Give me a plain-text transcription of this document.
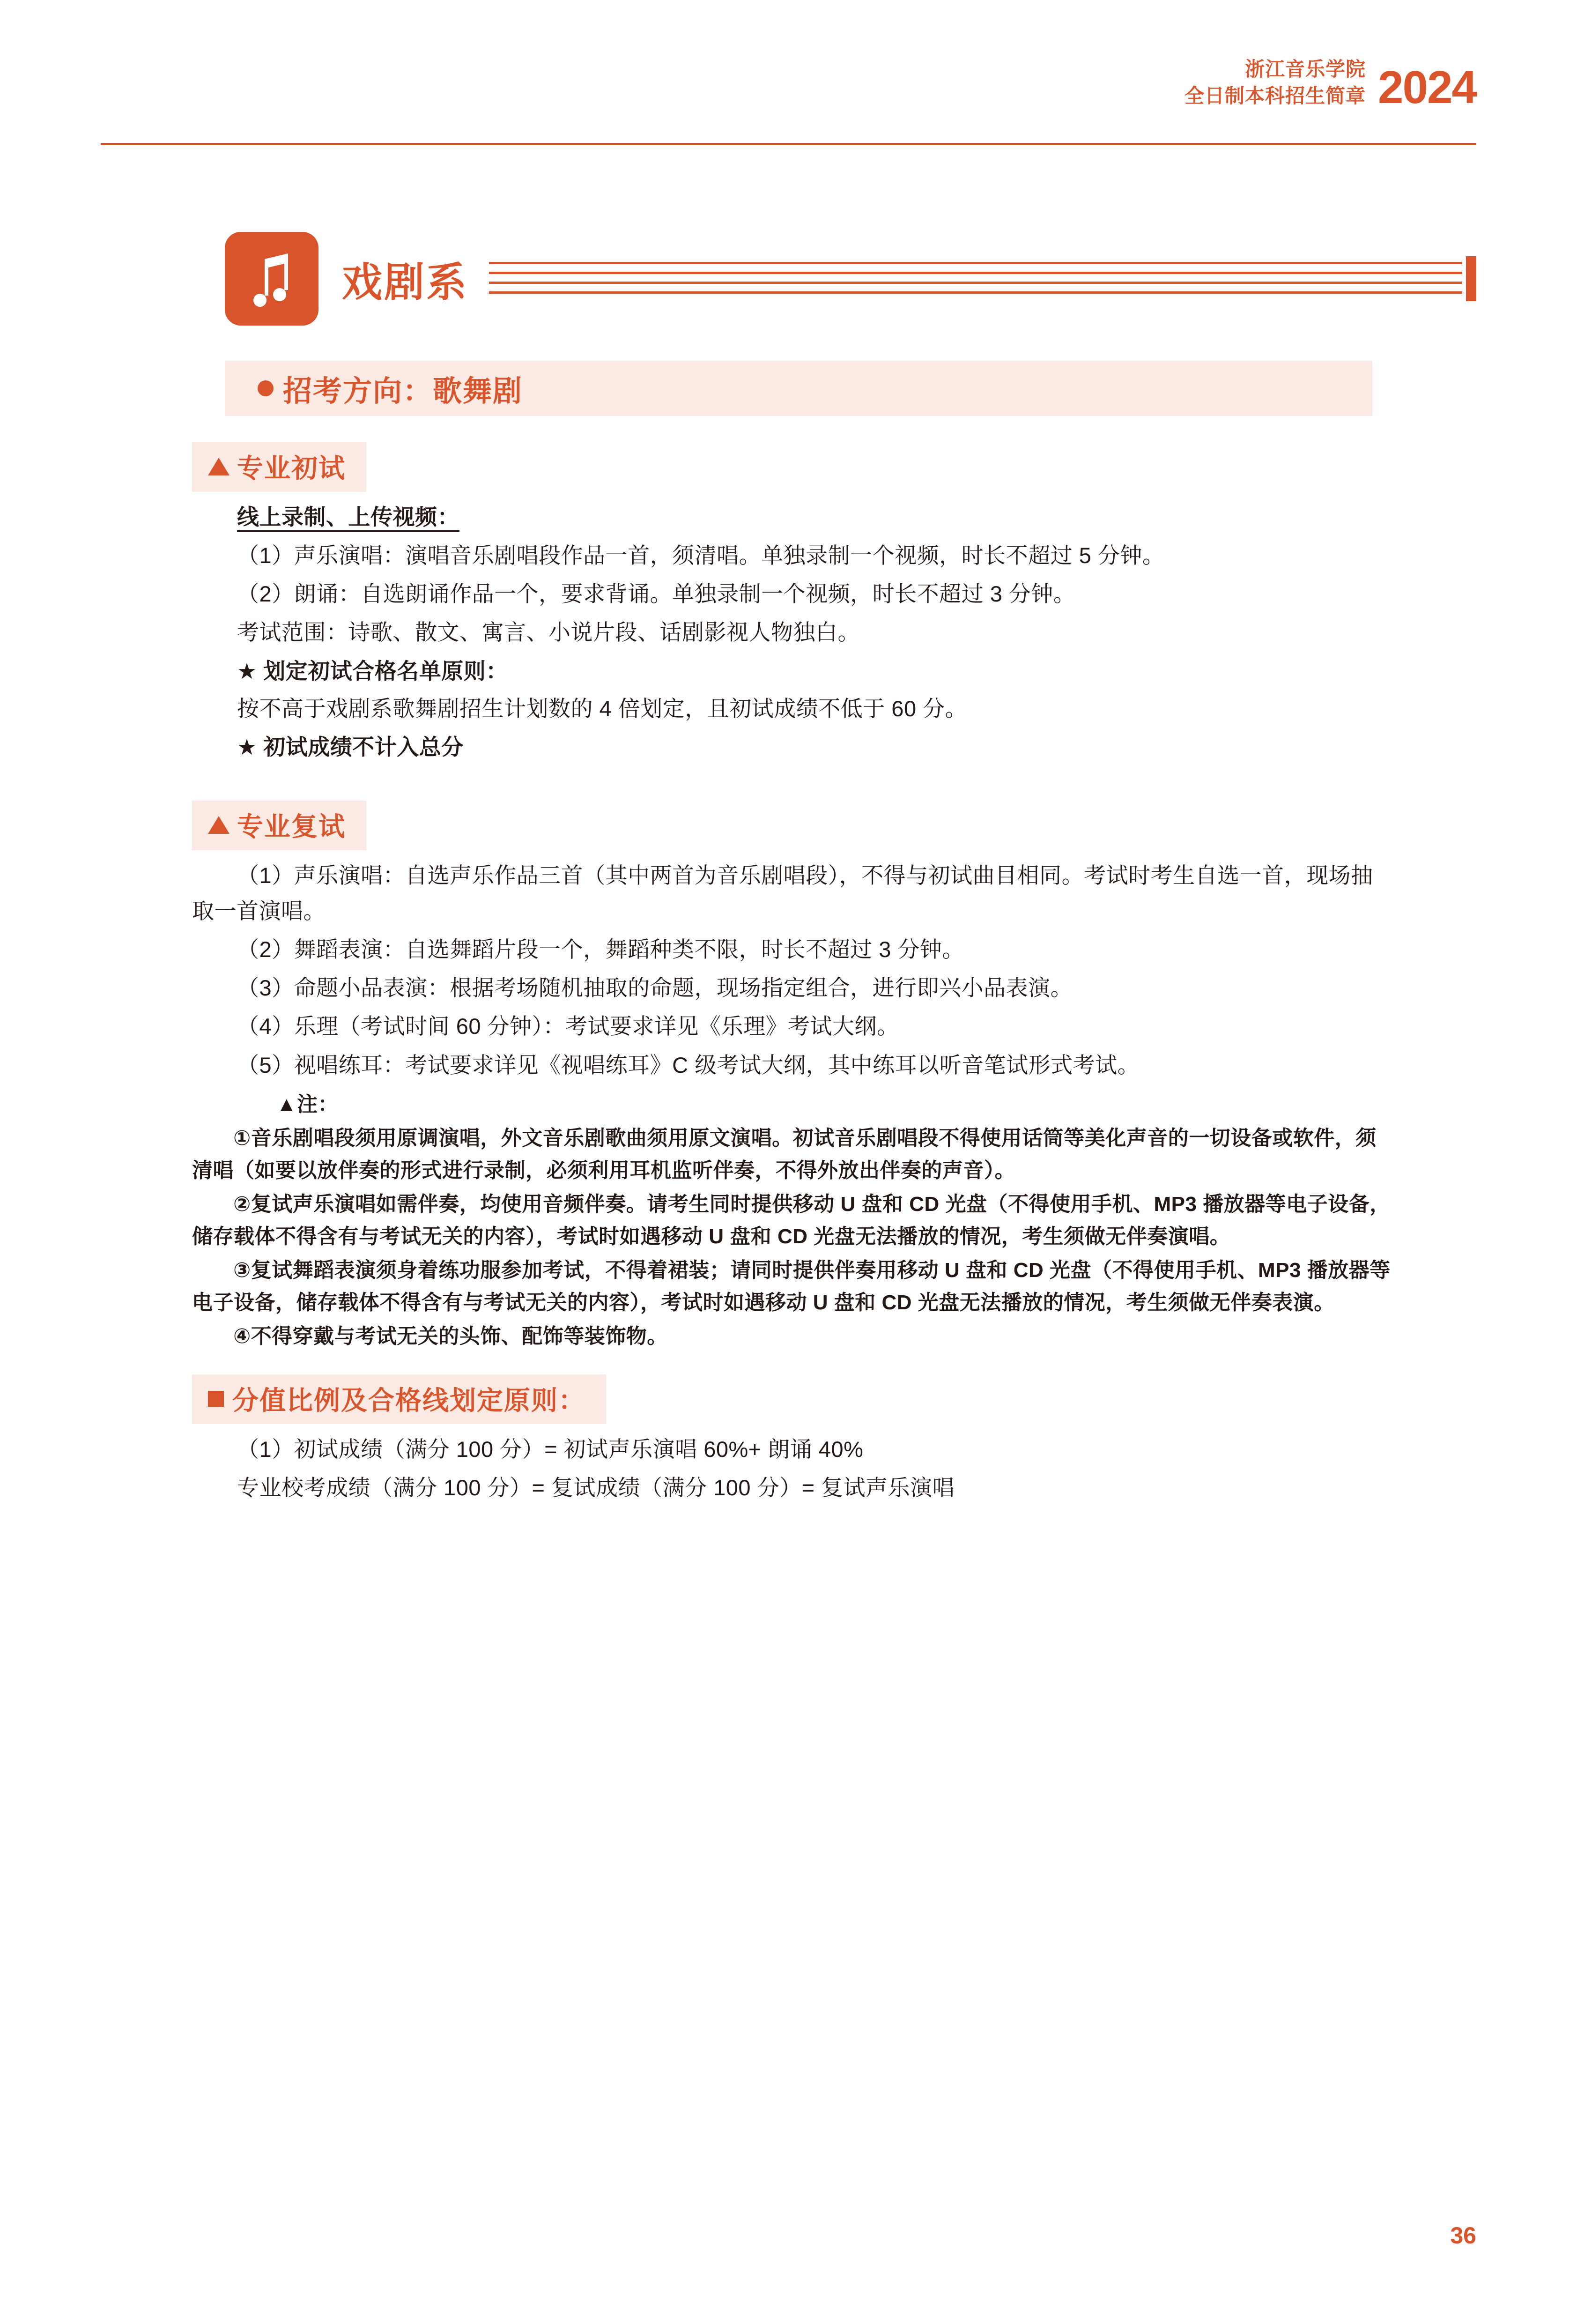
浙江音乐学院
全日制本科招生简章 2024
戏剧系
招考方向：歌舞剧
专业初试

线上录制、上传视频：

（1）声乐演唱：演唱音乐剧唱段作品一首，须清唱。单独录制一个视频，时长不超过 5 分钟。

（2）朗诵：自选朗诵作品一个，要求背诵。单独录制一个视频，时长不超过 3 分钟。

考试范围：诗歌、散文、寓言、小说片段、话剧影视人物独白。

★ 划定初试合格名单原则：

按不高于戏剧系歌舞剧招生计划数的 4 倍划定，且初试成绩不低于 60 分。

★ 初试成绩不计入总分

专业复试

（1）声乐演唱：自选声乐作品三首（其中两首为音乐剧唱段），不得与初试曲目相同。考试时考生自选一首，现场抽取一首演唱。

（2）舞蹈表演：自选舞蹈片段一个，舞蹈种类不限，时长不超过 3 分钟。

（3）命题小品表演：根据考场随机抽取的命题，现场指定组合，进行即兴小品表演。

（4）乐理（考试时间 60 分钟）：考试要求详见《乐理》考试大纲。

（5）视唱练耳：考试要求详见《视唱练耳》C 级考试大纲，其中练耳以听音笔试形式考试。

▲注：

①音乐剧唱段须用原调演唱，外文音乐剧歌曲须用原文演唱。初试音乐剧唱段不得使用话筒等美化声音的一切设备或软件，须清唱（如要以放伴奏的形式进行录制，必须利用耳机监听伴奏，不得外放出伴奏的声音）。

②复试声乐演唱如需伴奏，均使用音频伴奏。请考生同时提供移动 U 盘和 CD 光盘（不得使用手机、MP3 播放器等电子设备，储存载体不得含有与考试无关的内容），考试时如遇移动 U 盘和 CD 光盘无法播放的情况，考生须做无伴奏演唱。

③复试舞蹈表演须身着练功服参加考试，不得着裙装；请同时提供伴奏用移动 U 盘和 CD 光盘（不得使用手机、MP3 播放器等电子设备，储存载体不得含有与考试无关的内容），考试时如遇移动 U 盘和 CD 光盘无法播放的情况，考生须做无伴奏表演。

④不得穿戴与考试无关的头饰、配饰等装饰物。

分值比例及合格线划定原则：

（1）初试成绩（满分 100 分）= 初试声乐演唱 60%+ 朗诵 40%

专业校考成绩（满分 100 分）= 复试成绩（满分 100 分）= 复试声乐演唱

36
